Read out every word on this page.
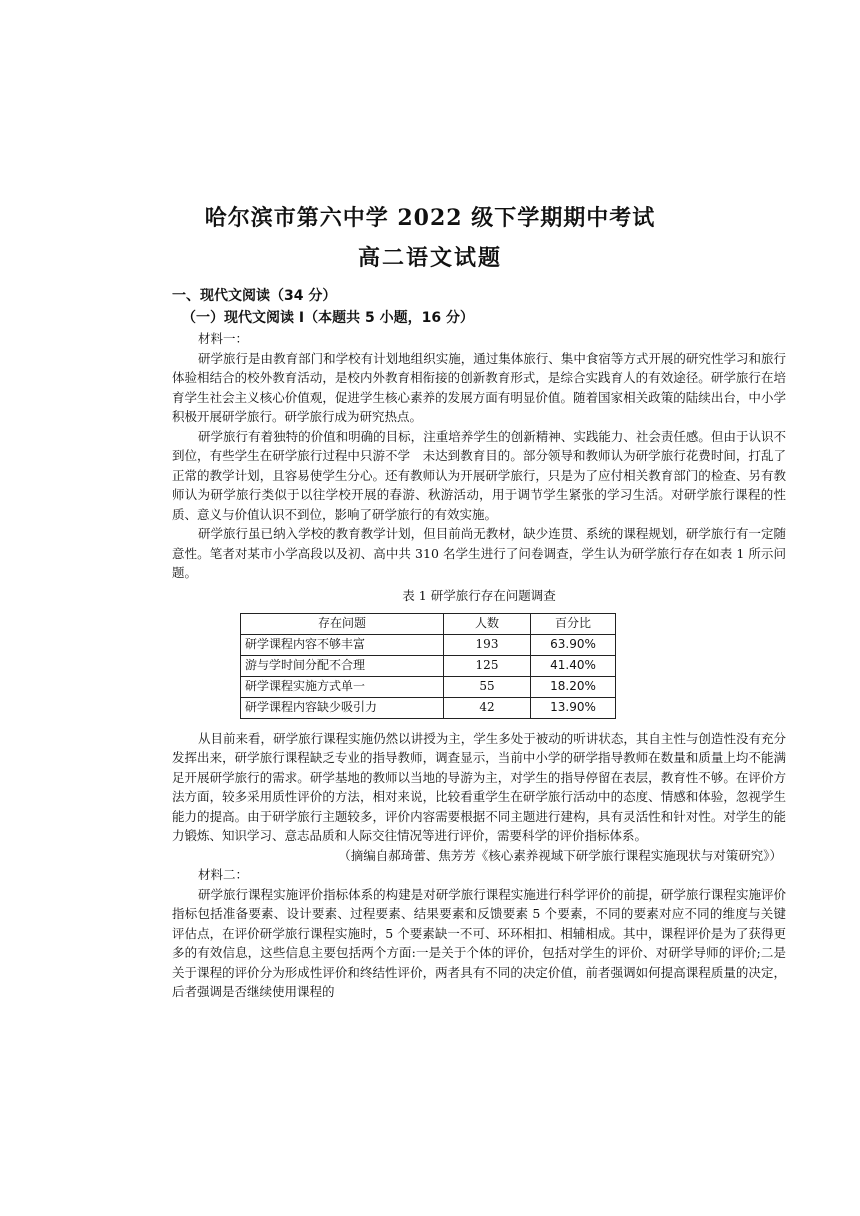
哈尔滨市第六中学 2022 级下学期期中考试
高二语文试题
一、现代文阅读（34 分）
（一）现代文阅读 I（本题共 5 小题，16 分）
材料一：

研学旅行是由教育部门和学校有计划地组织实施，通过集体旅行、集中食宿等方式开展的研究性学习和旅行体验相结合的校外教育活动，是校内外教育相衔接的创新教育形式，是综合实践育人的有效途径。研学旅行在培育学生社会主义核心价值观，促进学生核心素养的发展方面有明显价值。随着国家相关政策的陆续出台，中小学积极开展研学旅行。研学旅行成为研究热点。

研学旅行有着独特的价值和明确的目标，注重培养学生的创新精神、实践能力、社会责任感。但由于认识不到位，有些学生在研学旅行过程中只游不学　未达到教育目的。部分领导和教师认为研学旅行花费时间，打乱了正常的教学计划，且容易使学生分心。还有教师认为开展研学旅行，只是为了应付相关教育部门的检查、另有教师认为研学旅行类似于以往学校开展的春游、秋游活动，用于调节学生紧张的学习生活。对研学旅行课程的性质、意义与价值认识不到位，影响了研学旅行的有效实施。

研学旅行虽已纳入学校的教育教学计划，但目前尚无教材，缺少连贯、系统的课程规划，研学旅行有一定随意性。笔者对某市小学高段以及初、高中共 310 名学生进行了问卷调查，学生认为研学旅行存在如表 1 所示问题。

表 1 研学旅行存在问题调查
存在问题	人数	百分比
研学课程内容不够丰富	193	63.90%
游与学时间分配不合理	125	41.40%
研学课程实施方式单一	55	18.20%
研学课程内容缺少吸引力	42	13.90%

从目前来看，研学旅行课程实施仍然以讲授为主，学生多处于被动的听讲状态，其自主性与创造性没有充分发挥出来，研学旅行课程缺乏专业的指导教师，调查显示，当前中小学的研学指导教师在数量和质量上均不能满足开展研学旅行的需求。研学基地的教师以当地的导游为主，对学生的指导停留在表层，教育性不够。在评价方法方面，较多采用质性评价的方法，相对来说，比较看重学生在研学旅行活动中的态度、情感和体验，忽视学生能力的提高。由于研学旅行主题较多，评价内容需要根据不同主题进行建构，具有灵活性和针对性。对学生的能力锻炼、知识学习、意志品质和人际交往情况等进行评价，需要科学的评价指标体系。

（摘编自郝琦蕾、焦芳芳《核心素养视域下研学旅行课程实施现状与对策研究》）
材料二：

研学旅行课程实施评价指标体系的构建是对研学旅行课程实施进行科学评价的前提，研学旅行课程实施评价指标包括准备要素、设计要素、过程要素、结果要素和反馈要素 5 个要素，不同的要素对应不同的维度与关键评估点，在评价研学旅行课程实施时，5 个要素缺一不可、环环相扣、相辅相成。其中，课程评价是为了获得更多的有效信息，这些信息主要包括两个方面:一是关于个体的评价，包括对学生的评价、对研学导师的评价;二是关于课程的评价分为形成性评价和终结性评价，两者具有不同的决定价值，前者强调如何提高课程质量的决定，后者强调是否继续使用课程的
